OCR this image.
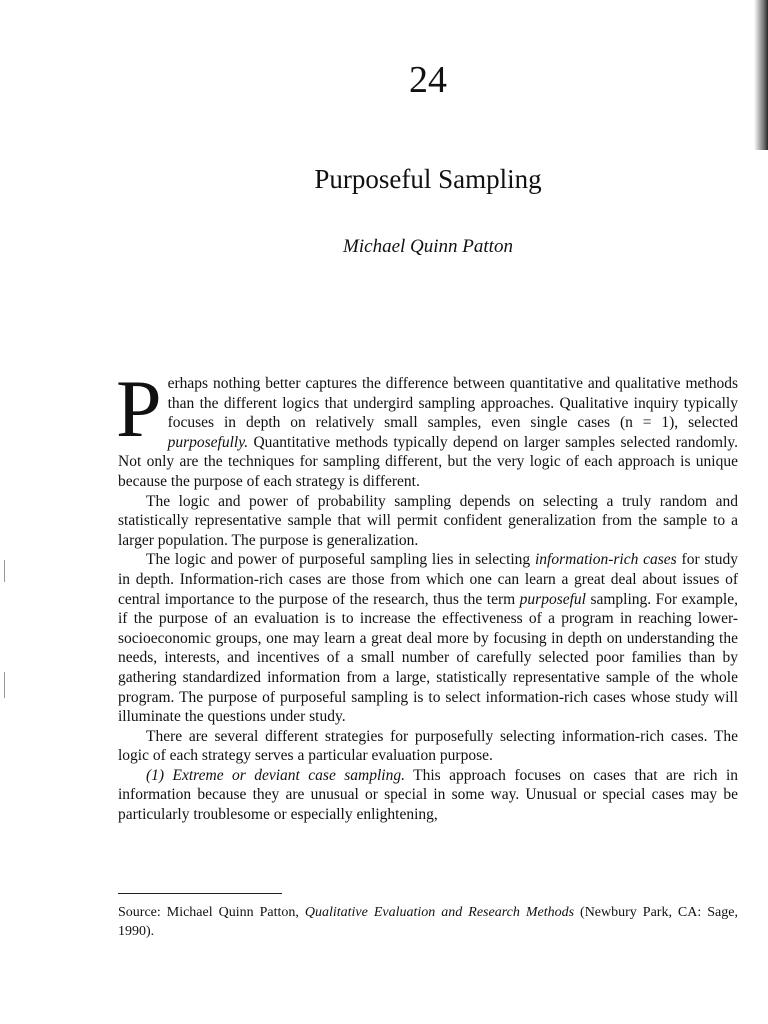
24
Purposeful Sampling
Michael Quinn Patton

Perhaps nothing better captures the difference between quantitative and qualitative methods than the different logics that undergird sampling approaches. Qualitative inquiry typically focuses in depth on relatively small samples, even single cases (n = 1), selected purposefully. Quantitative methods typically depend on larger samples selected randomly. Not only are the techniques for sampling different, but the very logic of each approach is unique because the purpose of each strategy is different.

The logic and power of probability sampling depends on selecting a truly random and statistically representative sample that will permit confident generalization from the sample to a larger population. The purpose is generalization.

The logic and power of purposeful sampling lies in selecting information-rich cases for study in depth. Information-rich cases are those from which one can learn a great deal about issues of central importance to the purpose of the research, thus the term purposeful sampling. For example, if the purpose of an evaluation is to increase the effectiveness of a program in reaching lower-socioeconomic groups, one may learn a great deal more by focusing in depth on understanding the needs, interests, and incentives of a small number of carefully selected poor families than by gathering standardized information from a large, statistically representative sample of the whole program. The purpose of purposeful sampling is to select information-rich cases whose study will illuminate the questions under study.

There are several different strategies for purposefully selecting information-rich cases. The logic of each strategy serves a particular evaluation purpose.

(1) Extreme or deviant case sampling. This approach focuses on cases that are rich in information because they are unusual or special in some way. Unusual or special cases may be particularly troublesome or especially enlightening,

Source: Michael Quinn Patton, Qualitative Evaluation and Research Methods (Newbury Park, CA: Sage, 1990).
